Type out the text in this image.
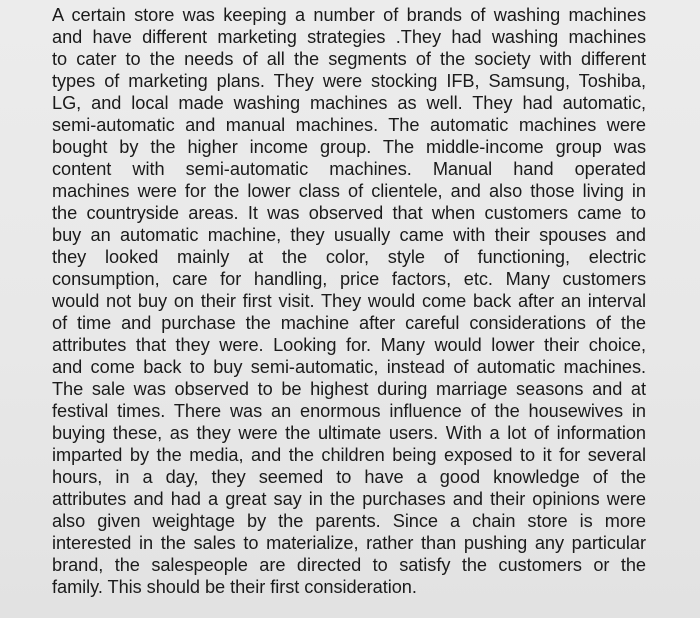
A certain store was keeping a number of brands of washing machines
and have different marketing strategies .They had washing machines
to cater to the needs of all the segments of the society with different
types of marketing plans. They were stocking IFB, Samsung, Toshiba,
LG, and local made washing machines as well. They had automatic,
semi-automatic and manual machines. The automatic machines were
bought by the higher income group. The middle-income group was
content with semi-automatic machines. Manual hand operated
machines were for the lower class of clientele, and also those living in
the countryside areas. It was observed that when customers came to
buy an automatic machine, they usually came with their spouses and
they looked mainly at the color, style of functioning, electric
consumption, care for handling, price factors, etc. Many customers
would not buy on their first visit. They would come back after an interval
of time and purchase the machine after careful considerations of the
attributes that they were. Looking for. Many would lower their choice,
and come back to buy semi-automatic, instead of automatic machines.
The sale was observed to be highest during marriage seasons and at
festival times. There was an enormous influence of the housewives in
buying these, as they were the ultimate users. With a lot of information
imparted by the media, and the children being exposed to it for several
hours, in a day, they seemed to have a good knowledge of the
attributes and had a great say in the purchases and their opinions were
also given weightage by the parents. Since a chain store is more
interested in the sales to materialize, rather than pushing any particular
brand, the salespeople are directed to satisfy the customers or the
family. This should be their first consideration.
